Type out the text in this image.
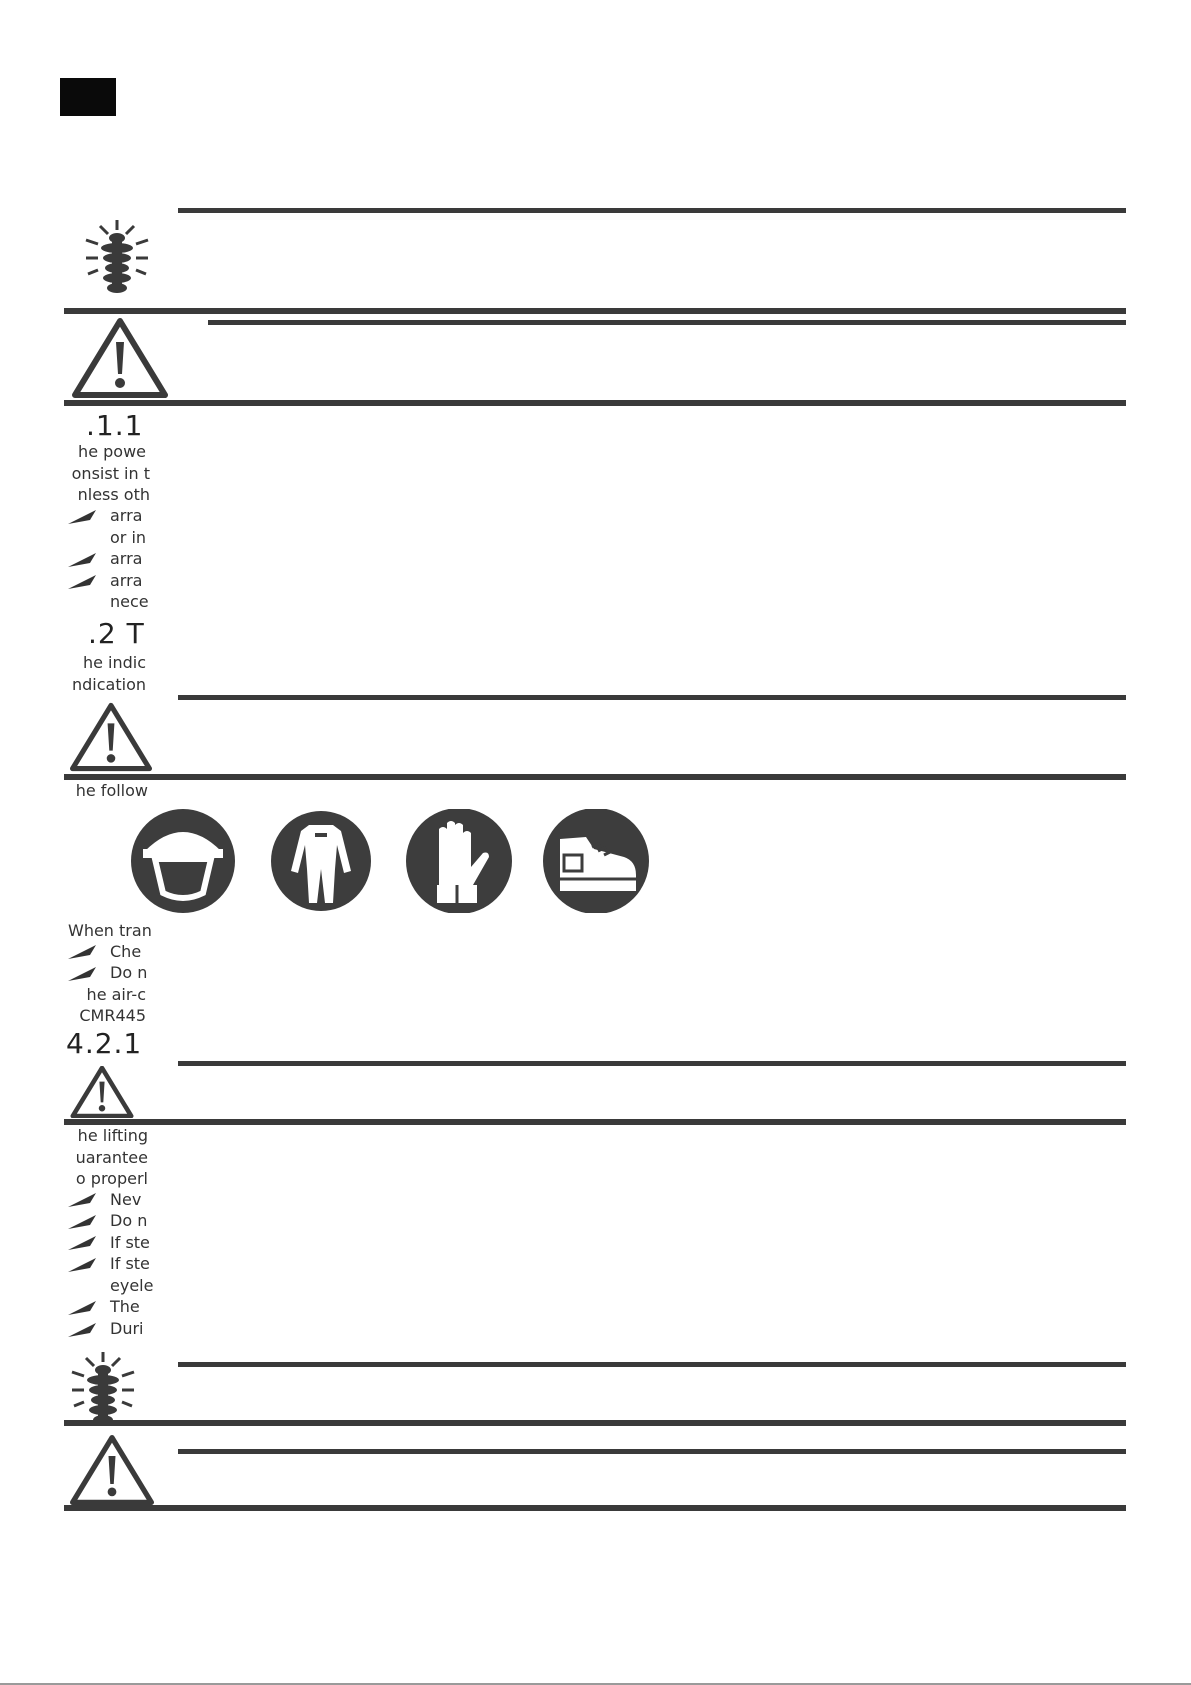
.1.1
he powe
onsist in t
nless oth
arra
or in
arra
arra
nece
.2 T
he indic
ndication
he follow
When tran
Che
Do n
he air-c
CMR445
4.2.1
he lifting
uarantee
o properl
Nev
Do n
If ste
If ste
eyele
The
Duri
